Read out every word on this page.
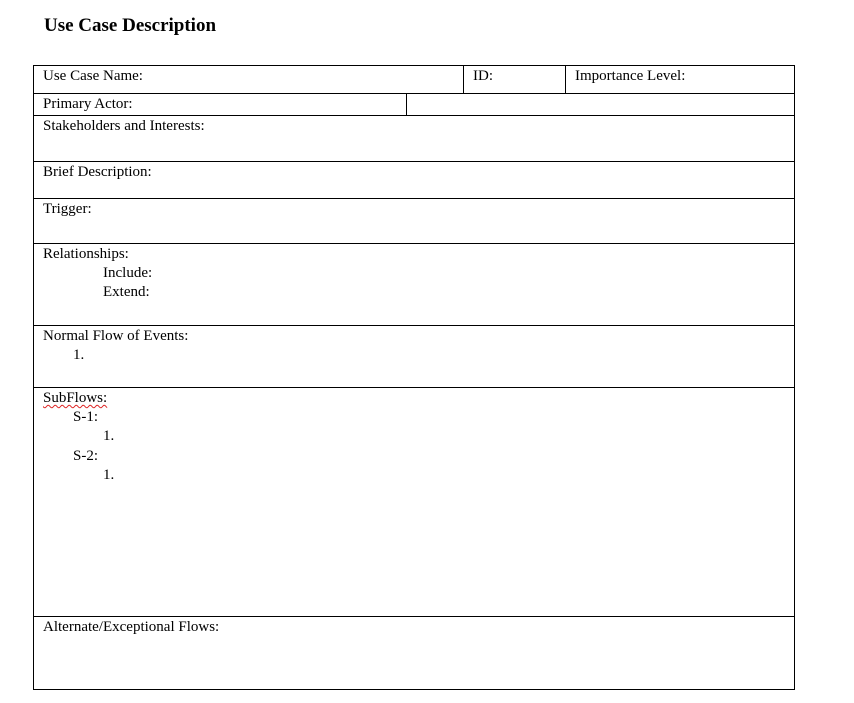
Use Case Description
Use Case Name:	ID:	Importance Level:
Primary Actor:
Stakeholders and Interests:
Brief Description:
Trigger:
Relationships:
Include:
Extend:
Normal Flow of Events:
1.
SubFlows:
S-1:
1.
S-2:
1.
Alternate/Exceptional Flows:
